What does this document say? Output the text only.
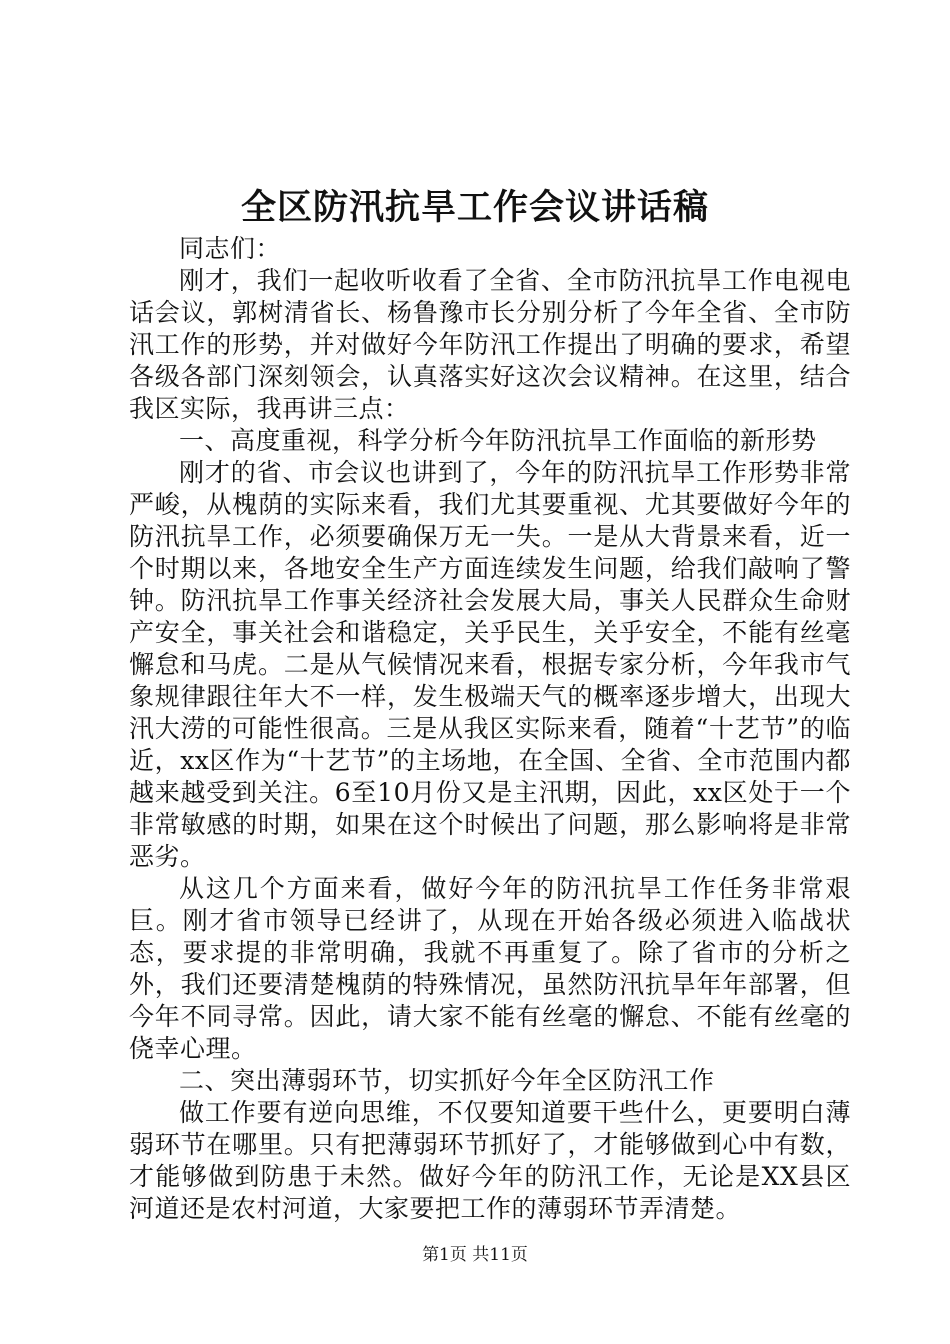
全区防汛抗旱工作会议讲话稿

同志们：

刚才，我们一起收听收看了全省、全市防汛抗旱工作电视电话会议，郭树清省长、杨鲁豫市长分别分析了今年全省、全市防汛工作的形势，并对做好今年防汛工作提出了明确的要求，希望各级各部门深刻领会，认真落实好这次会议精神。在这里，结合我区实际，我再讲三点：

一、高度重视，科学分析今年防汛抗旱工作面临的新形势

刚才的省、市会议也讲到了，今年的防汛抗旱工作形势非常严峻，从槐荫的实际来看，我们尤其要重视、尤其要做好今年的防汛抗旱工作，必须要确保万无一失。一是从大背景来看，近一个时期以来，各地安全生产方面连续发生问题，给我们敲响了警钟。防汛抗旱工作事关经济社会发展大局，事关人民群众生命财产安全，事关社会和谐稳定，关乎民生，关乎安全，不能有丝毫懈怠和马虎。二是从气候情况来看，根据专家分析，今年我市气象规律跟往年大不一样，发生极端天气的概率逐步增大，出现大汛大涝的可能性很高。三是从我区实际来看，随着“十艺节”的临近，xx区作为“十艺节”的主场地，在全国、全省、全市范围内都越来越受到关注。6至10月份又是主汛期，因此，xx区处于一个非常敏感的时期，如果在这个时候出了问题，那么影响将是非常恶劣。

从这几个方面来看，做好今年的防汛抗旱工作任务非常艰巨。刚才省市领导已经讲了，从现在开始各级必须进入临战状态，要求提的非常明确，我就不再重复了。除了省市的分析之外，我们还要清楚槐荫的特殊情况，虽然防汛抗旱年年部署，但今年不同寻常。因此，请大家不能有丝毫的懈怠、不能有丝毫的侥幸心理。

二、突出薄弱环节，切实抓好今年全区防汛工作

做工作要有逆向思维，不仅要知道要干些什么，更要明白薄弱环节在哪里。只有把薄弱环节抓好了，才能够做到心中有数，才能够做到防患于未然。做好今年的防汛工作，无论是XX县区河道还是农村河道，大家要把工作的薄弱环节弄清楚。

第1页 共11页
